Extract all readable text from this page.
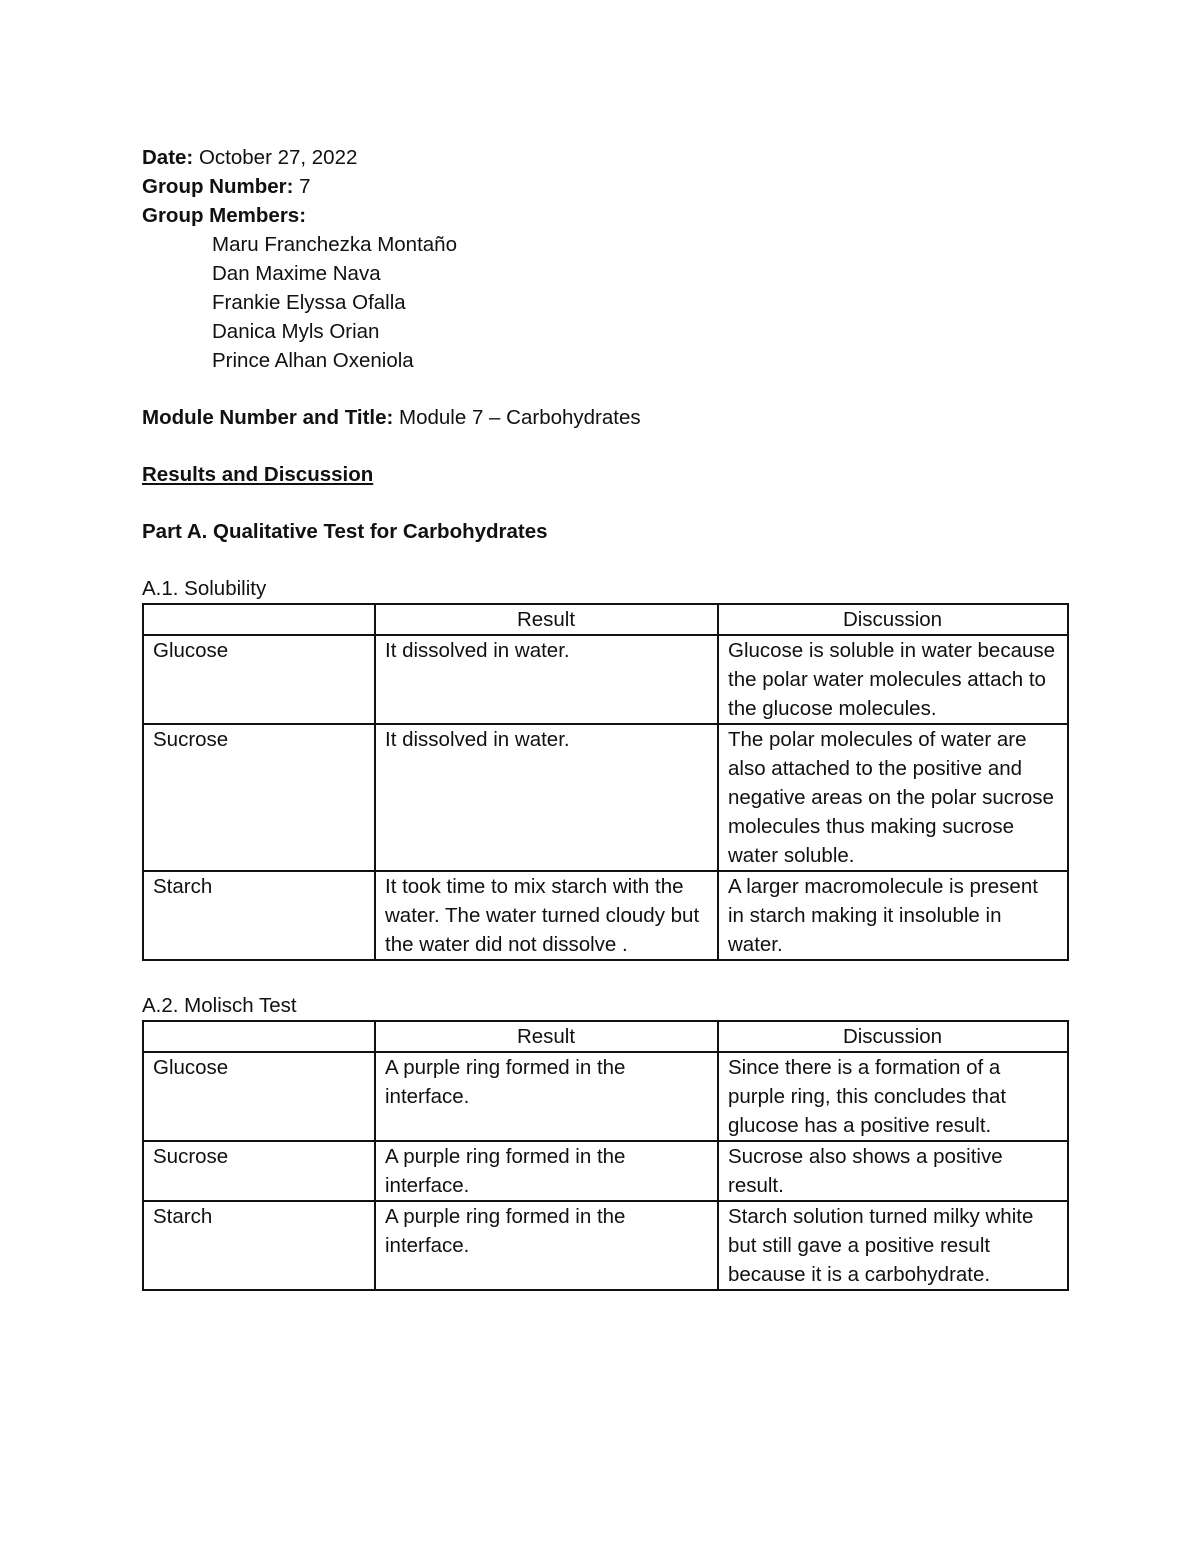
Date: October 27, 2022
Group Number: 7
Group Members:
Maru Franchezka Montaño
Dan Maxime Nava
Frankie Elyssa Ofalla
Danica Myls Orian
Prince Alhan Oxeniola
Module Number and Title: Module 7 – Carbohydrates
Results and Discussion
Part A. Qualitative Test for Carbohydrates
A.1. Solubility
	Result	Discussion
Glucose	It dissolved in water.	Glucose is soluble in water because the polar water molecules attach to the glucose molecules.
Sucrose	It dissolved in water.	The polar molecules of water are also attached to the positive and negative areas on the polar sucrose molecules thus making sucrose water soluble.
Starch	It took time to mix starch with the water. The water turned cloudy but the water did not dissolve .	A larger macromolecule is present in starch making it insoluble in water.
A.2. Molisch Test
	Result	Discussion
Glucose	A purple ring formed in the interface.	Since there is a formation of a purple ring, this concludes that glucose has a positive result.
Sucrose	A purple ring formed in the interface.	Sucrose also shows a positive result.
Starch	A purple ring formed in the interface.	Starch solution turned milky white but still gave a positive result because it is a carbohydrate.
